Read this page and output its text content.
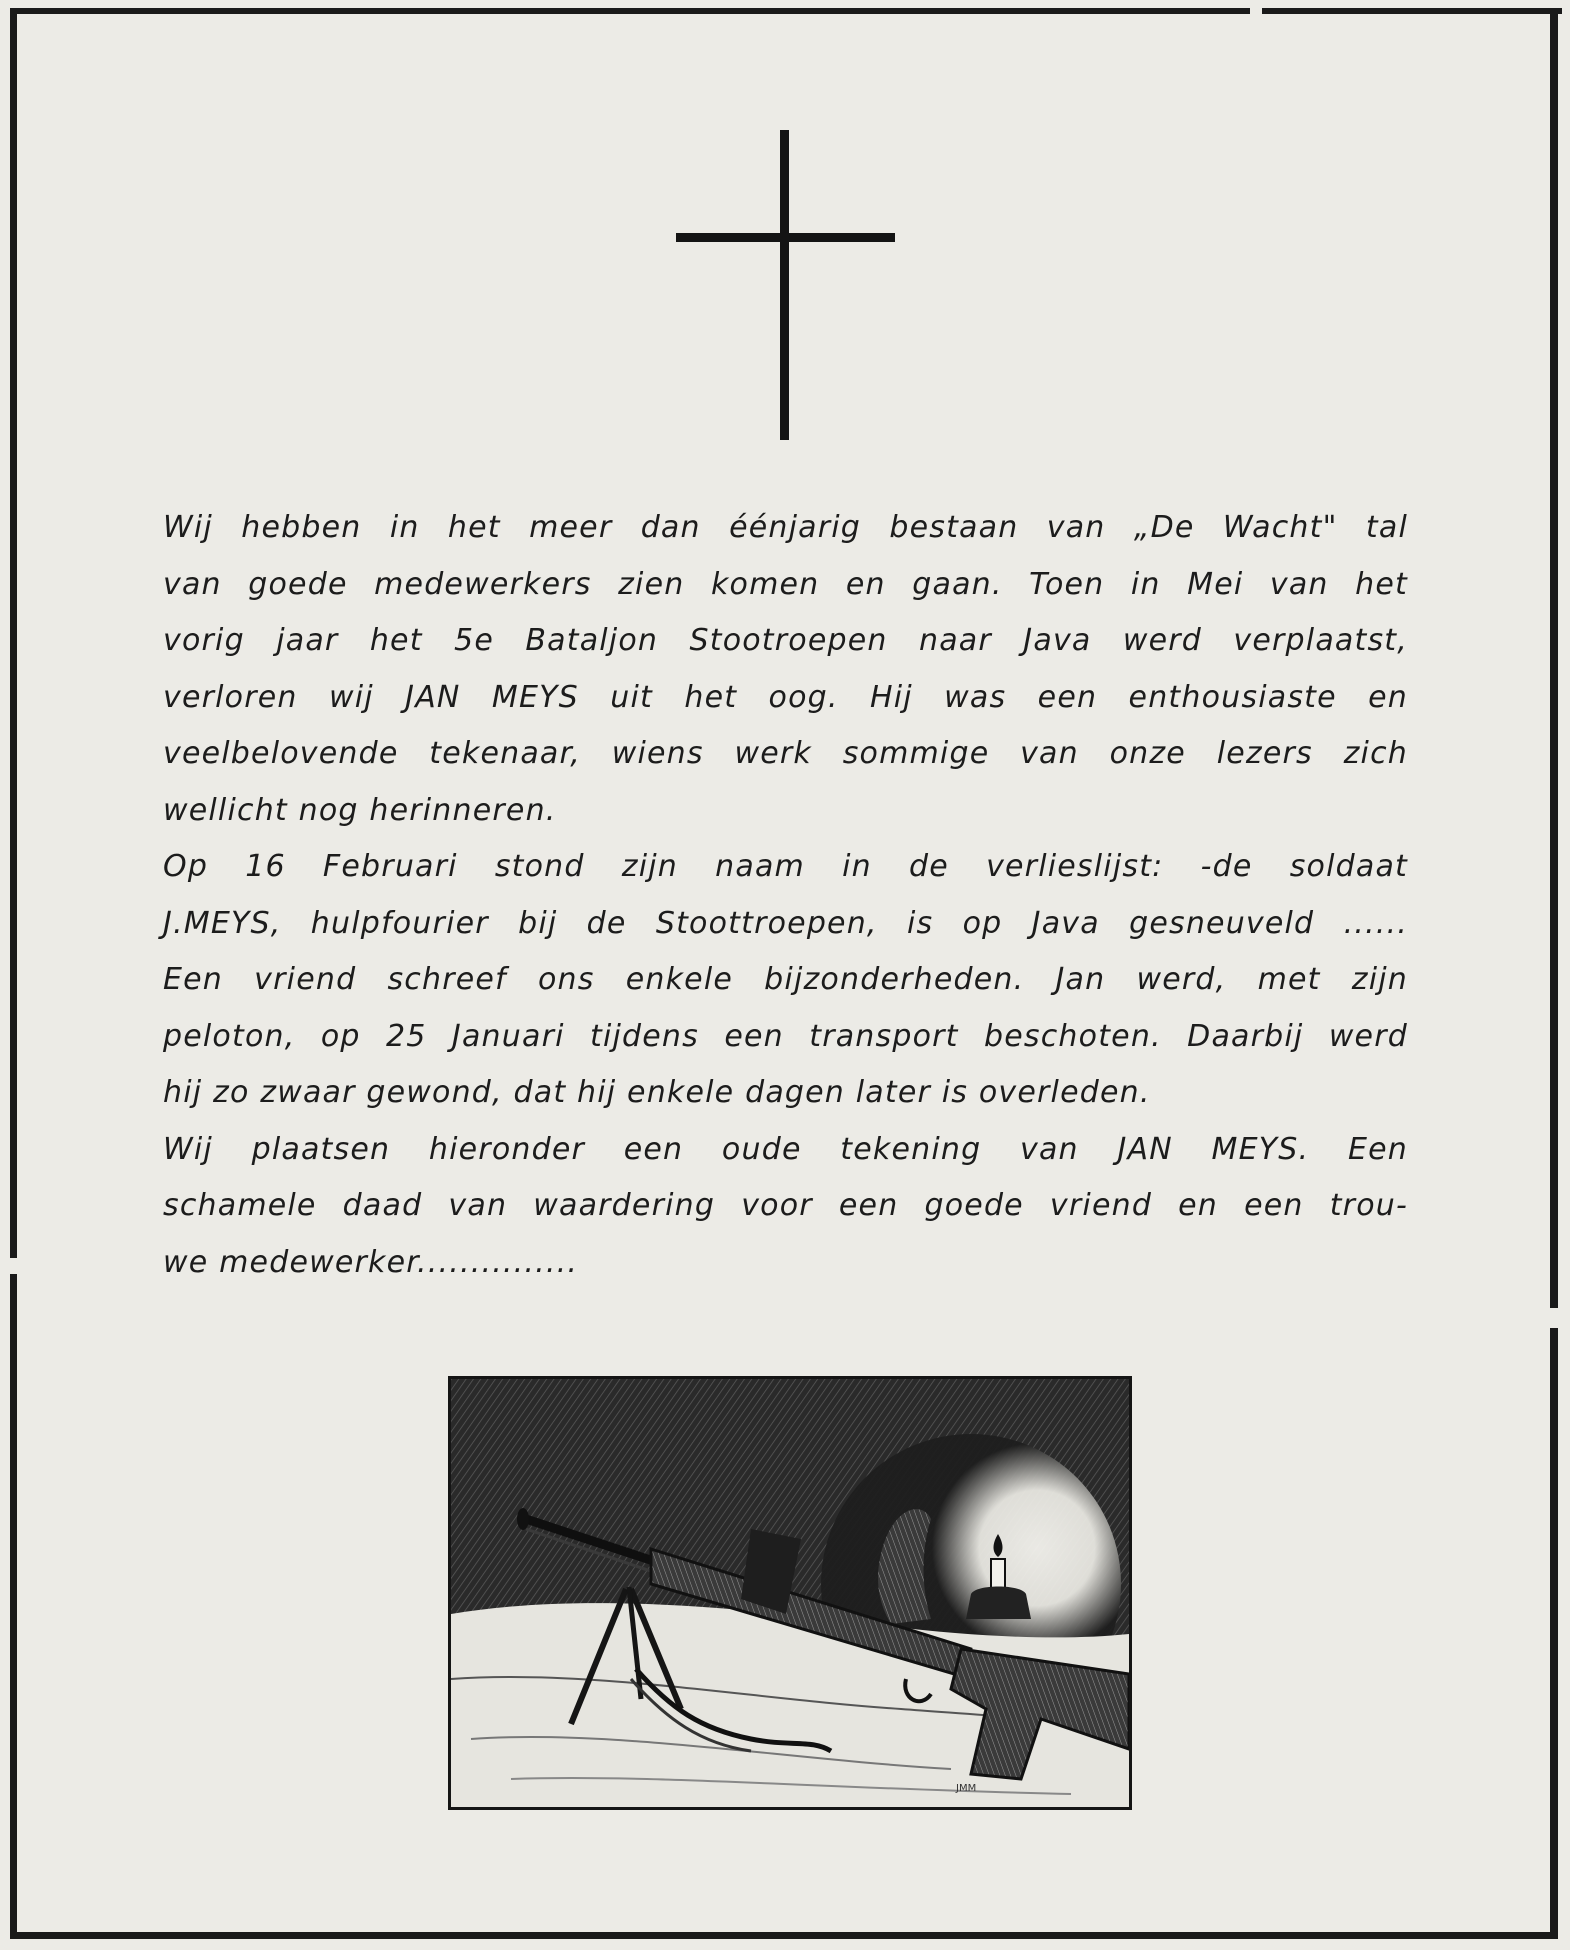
Wij hebben in het meer dan éénjarig bestaan van „De Wacht" tal
van goede medewerkers zien komen en gaan. Toen in Mei van het
vorig jaar het 5e Bataljon Stootroepen naar Java werd verplaatst,
verloren wij JAN MEYS uit het oog. Hij was een enthousiaste en
veelbelovende tekenaar, wiens werk sommige van onze lezers zich
wellicht nog herinneren.
Op 16 Februari stond zijn naam in de verlieslijst: -de soldaat
J.MEYS, hulpfourier bij de Stoottroepen, is op Java gesneuveld ......
Een vriend schreef ons enkele bijzonderheden. Jan werd, met zijn
peloton, op 25 Januari tijdens een transport beschoten. Daarbij werd
hij zo zwaar gewond, dat hij enkele dagen later is overleden.
Wij plaatsen hieronder een oude tekening van JAN MEYS. Een
schamele daad van waardering voor een goede vriend en een trou-
we medewerker...............
JMM
